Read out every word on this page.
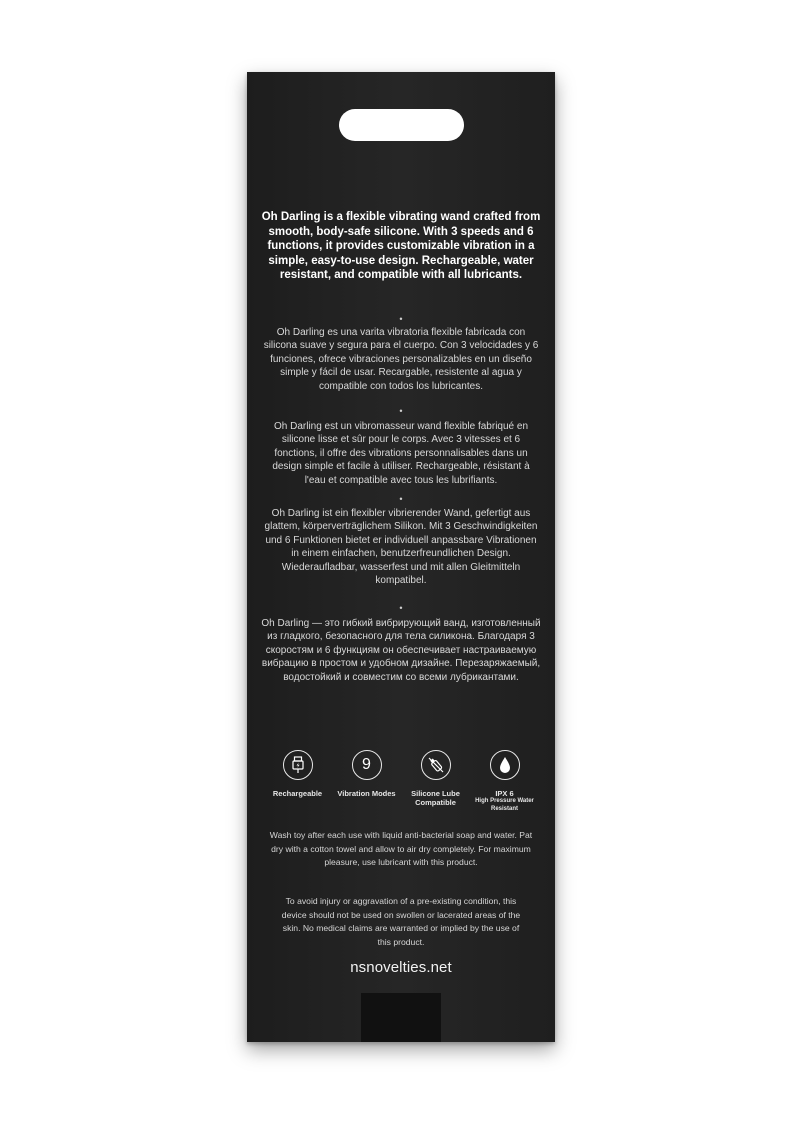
Oh Darling is a flexible vibrating wand crafted from smooth, body-safe silicone. With 3 speeds and 6 functions, it provides customizable vibration in a simple, easy-to-use design. Rechargeable, water resistant, and compatible with all lubricants.

•

Oh Darling es una varita vibratoria flexible fabricada con silicona suave y segura para el cuerpo. Con 3 velocidades y 6 funciones, ofrece vibraciones personalizables en un diseño simple y fácil de usar. Recargable, resistente al agua y compatible con todos los lubricantes.

•

Oh Darling est un vibromasseur wand flexible fabriqué en silicone lisse et sûr pour le corps. Avec 3 vitesses et 6 fonctions, il offre des vibrations personnalisables dans un design simple et facile à utiliser. Rechargeable, résistant à l'eau et compatible avec tous les lubrifiants.

•

Oh Darling ist ein flexibler vibrierender Wand, gefertigt aus glattem, körperverträglichem Silikon. Mit 3 Geschwindigkeiten und 6 Funktionen bietet er individuell anpassbare Vibrationen in einem einfachen, benutzerfreundlichen Design. Wiederaufladbar, wasserfest und mit allen Gleitmitteln kompatibel.

•

Oh Darling — это гибкий вибрирующий ванд, изготовленный из гладкого, безопасного для тела силикона. Благодаря 3 скоростям и 6 функциям он обеспечивает настраиваемую вибрацию в простом и удобном дизайне. Перезаряжаемый, водостойкий и совместим со всеми лубрикантами.

Rechargeable
9
Vibration Modes	Silicone Lube Compatible
IPX 6
High Pressure Water Resistant

Wash toy after each use with liquid anti-bacterial soap and water. Pat dry with a cotton towel and allow to air dry completely. For maximum pleasure, use lubricant with this product.

To avoid injury or aggravation of a pre-existing condition, this device should not be used on swollen or lacerated areas of the skin. No medical claims are warranted or implied by the use of this product.

nsnovelties.net
